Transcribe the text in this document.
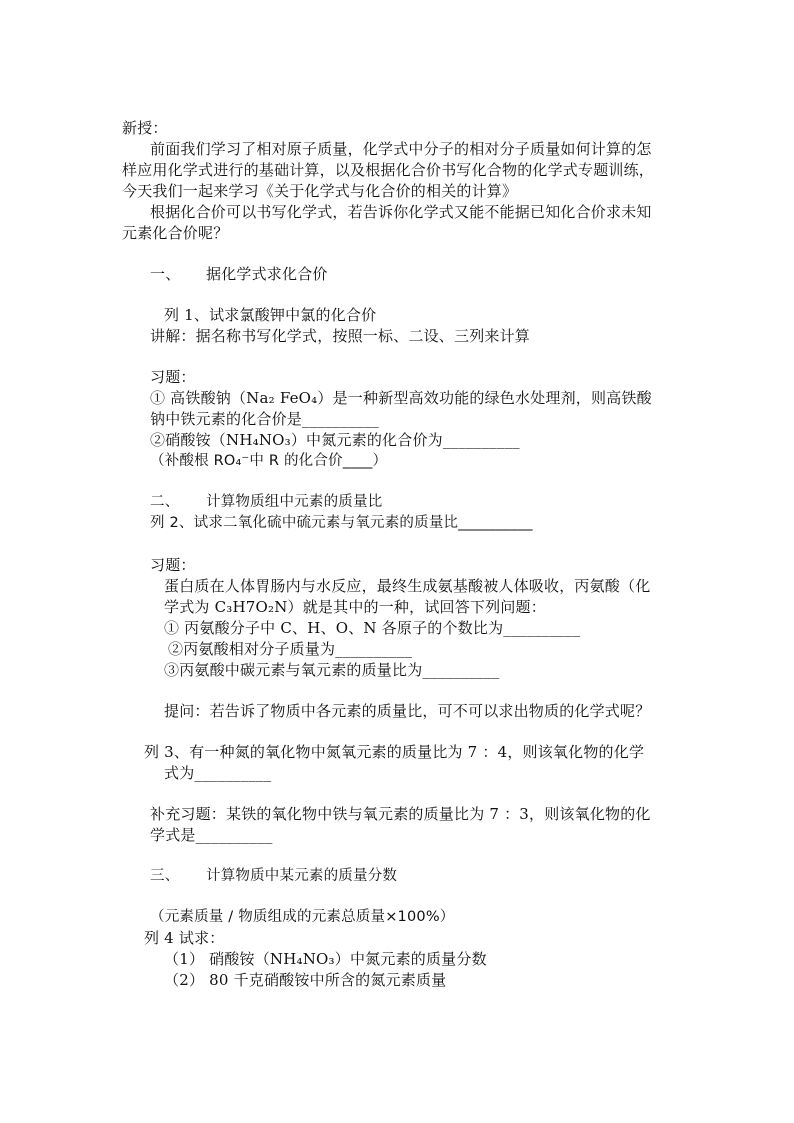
新授：
前面我们学习了相对原子质量，化学式中分子的相对分子质量如何计算的怎
样应用化学式进行的基础计算，以及根据化合价书写化合物的化学式专题训练，
今天我们一起来学习《关于化学式与化合价的相关的计算》
根据化合价可以书写化学式，若告诉你化学式又能不能据已知化合价求未知
元素化合价呢？
一、 据化学式求化合价
列 1、试求氯酸钾中氯的化合价
讲解：据名称书写化学式，按照一标、二设、三列来计算
习题：
① 高铁酸钠（Na₂ FeO₄）是一种新型高效功能的绿色水处理剂，则高铁酸
钠中铁元素的化合价是__________
②硝酸铵（NH₄NO₃）中氮元素的化合价为__________
（补酸根 RO₄⁻中 R 的化合价____）
二、 计算物质组中元素的质量比
列 2、试求二氧化硫中硫元素与氧元素的质量比__________
习题：
蛋白质在人体胃肠内与水反应，最终生成氨基酸被人体吸收，丙氨酸（化
学式为 C₃H7O₂N）就是其中的一种，试回答下列问题：
① 丙氨酸分子中 C、H、O、N 各原子的个数比为__________
②丙氨酸相对分子质量为__________
③丙氨酸中碳元素与氧元素的质量比为__________
提问：若告诉了物质中各元素的质量比，可不可以求出物质的化学式呢？
列 3、有一种氮的氧化物中氮氧元素的质量比为 7 ：4，则该氧化物的化学
式为__________
补充习题：某铁的氧化物中铁与氧元素的质量比为 7 ：3，则该氧化物的化
学式是__________
三、 计算物质中某元素的质量分数
（元素质量 / 物质组成的元素总质量×100%）
列 4 试求：
（1） 硝酸铵（NH₄NO₃）中氮元素的质量分数
（2） 80 千克硝酸铵中所含的氮元素质量
